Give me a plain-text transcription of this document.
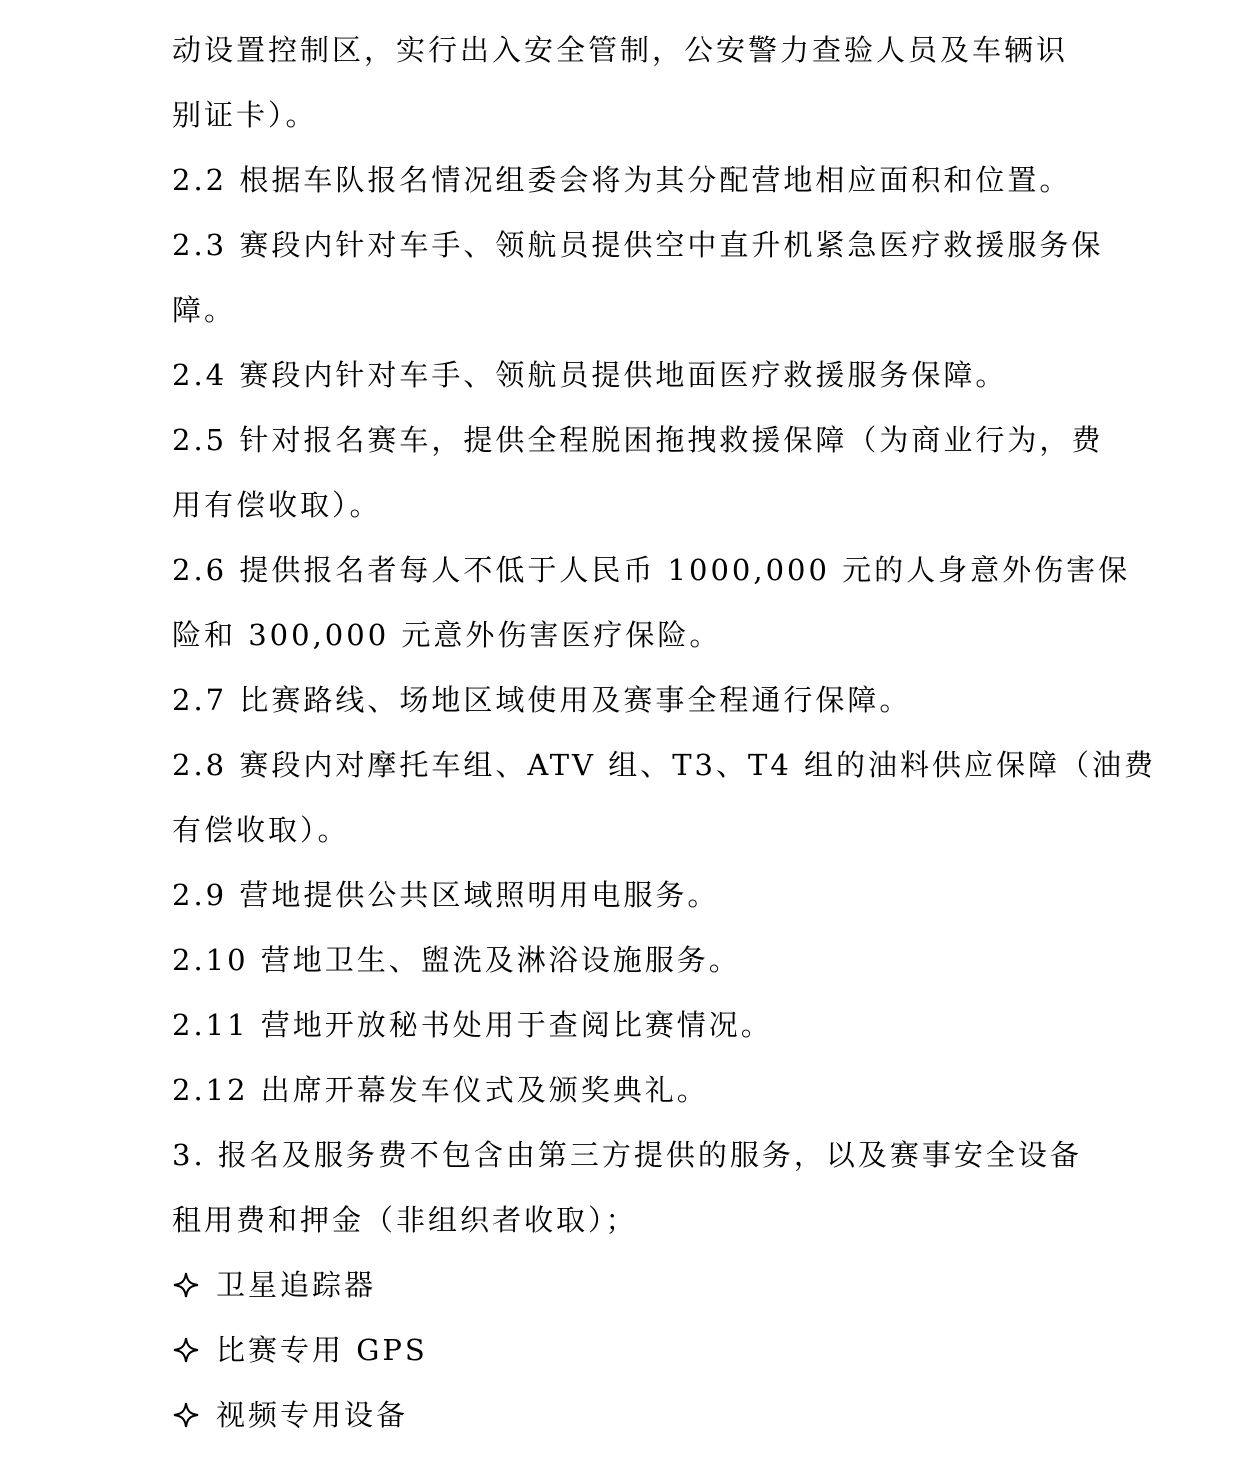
动设置控制区，实行出入安全管制，公安警力查验人员及车辆识
别证卡）。
2.2 根据车队报名情况组委会将为其分配营地相应面积和位置。
2.3 赛段内针对车手、领航员提供空中直升机紧急医疗救援服务保
障。
2.4 赛段内针对车手、领航员提供地面医疗救援服务保障。
2.5 针对报名赛车，提供全程脱困拖拽救援保障（为商业行为，费
用有偿收取）。
2.6 提供报名者每人不低于人民币 1000,000 元的人身意外伤害保
险和 300,000 元意外伤害医疗保险。
2.7 比赛路线、场地区域使用及赛事全程通行保障。
2.8 赛段内对摩托车组、ATV 组、T3、T4 组的油料供应保障（油费
有偿收取）。
2.9 营地提供公共区域照明用电服务。
2.10 营地卫生、盥洗及淋浴设施服务。
2.11 营地开放秘书处用于查阅比赛情况。
2.12 出席开幕发车仪式及颁奖典礼。
3. 报名及服务费不包含由第三方提供的服务，以及赛事安全设备
租用费和押金（非组织者收取）；
卫星追踪器
比赛专用 GPS
视频专用设备
